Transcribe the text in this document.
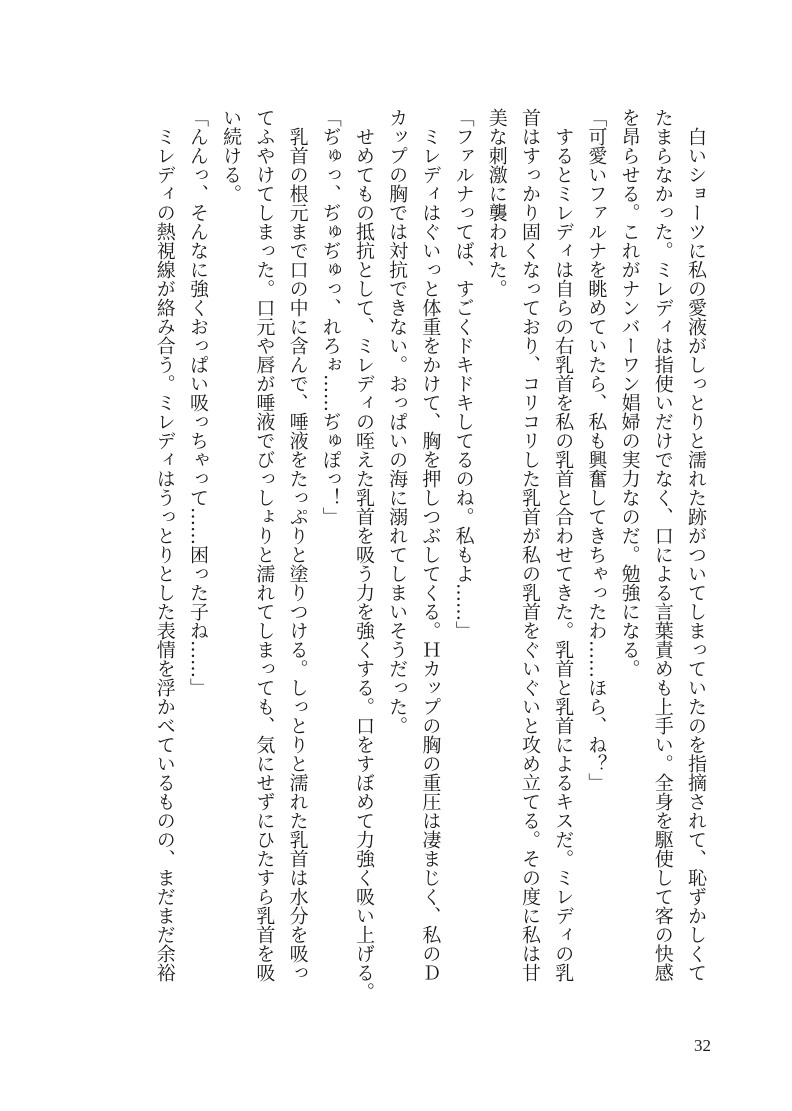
白いショーツに私の愛液がしっとりと濡れた跡がついてしまっていたのを指摘されて、恥ずかしくて
たまらなかった。ミレディは指使いだけでなく、口による言葉責めも上手い。全身を駆使して客の快感
を昂らせる。これがナンバーワン娼婦の実力なのだ。勉強になる。
「可愛いファルナを眺めていたら、私も興奮してきちゃったわ……ほら、ね？」
するとミレディは自らの右乳首を私の乳首と合わせてきた。乳首と乳首によるキスだ。ミレディの乳
首はすっかり固くなっており、コリコリした乳首が私の乳首をぐいぐいと攻め立てる。その度に私は甘
美な刺激に襲われた。
「ファルナってば、すごくドキドキしてるのね。私もよ……」
ミレディはぐいっと体重をかけて、胸を押しつぶしてくる。Ｈカップの胸の重圧は凄まじく、私のＤ
カップの胸では対抗できない。おっぱいの海に溺れてしまいそうだった。
せめてもの抵抗として、ミレディの咥えた乳首を吸う力を強くする。口をすぼめて力強く吸い上げる。
「ぢゅっ、ぢゅぢゅっ、れろぉ……ぢゅぽっ！」
乳首の根元まで口の中に含んで、唾液をたっぷりと塗りつける。しっとりと濡れた乳首は水分を吸っ
てふやけてしまった。口元や唇が唾液でびっしょりと濡れてしまっても、気にせずにひたすら乳首を吸
い続ける。
「んんっ、そんなに強くおっぱい吸っちゃって……困った子ね……」
ミレディの熱視線が絡み合う。ミレディはうっとりとした表情を浮かべているものの、まだまだ余裕
32
